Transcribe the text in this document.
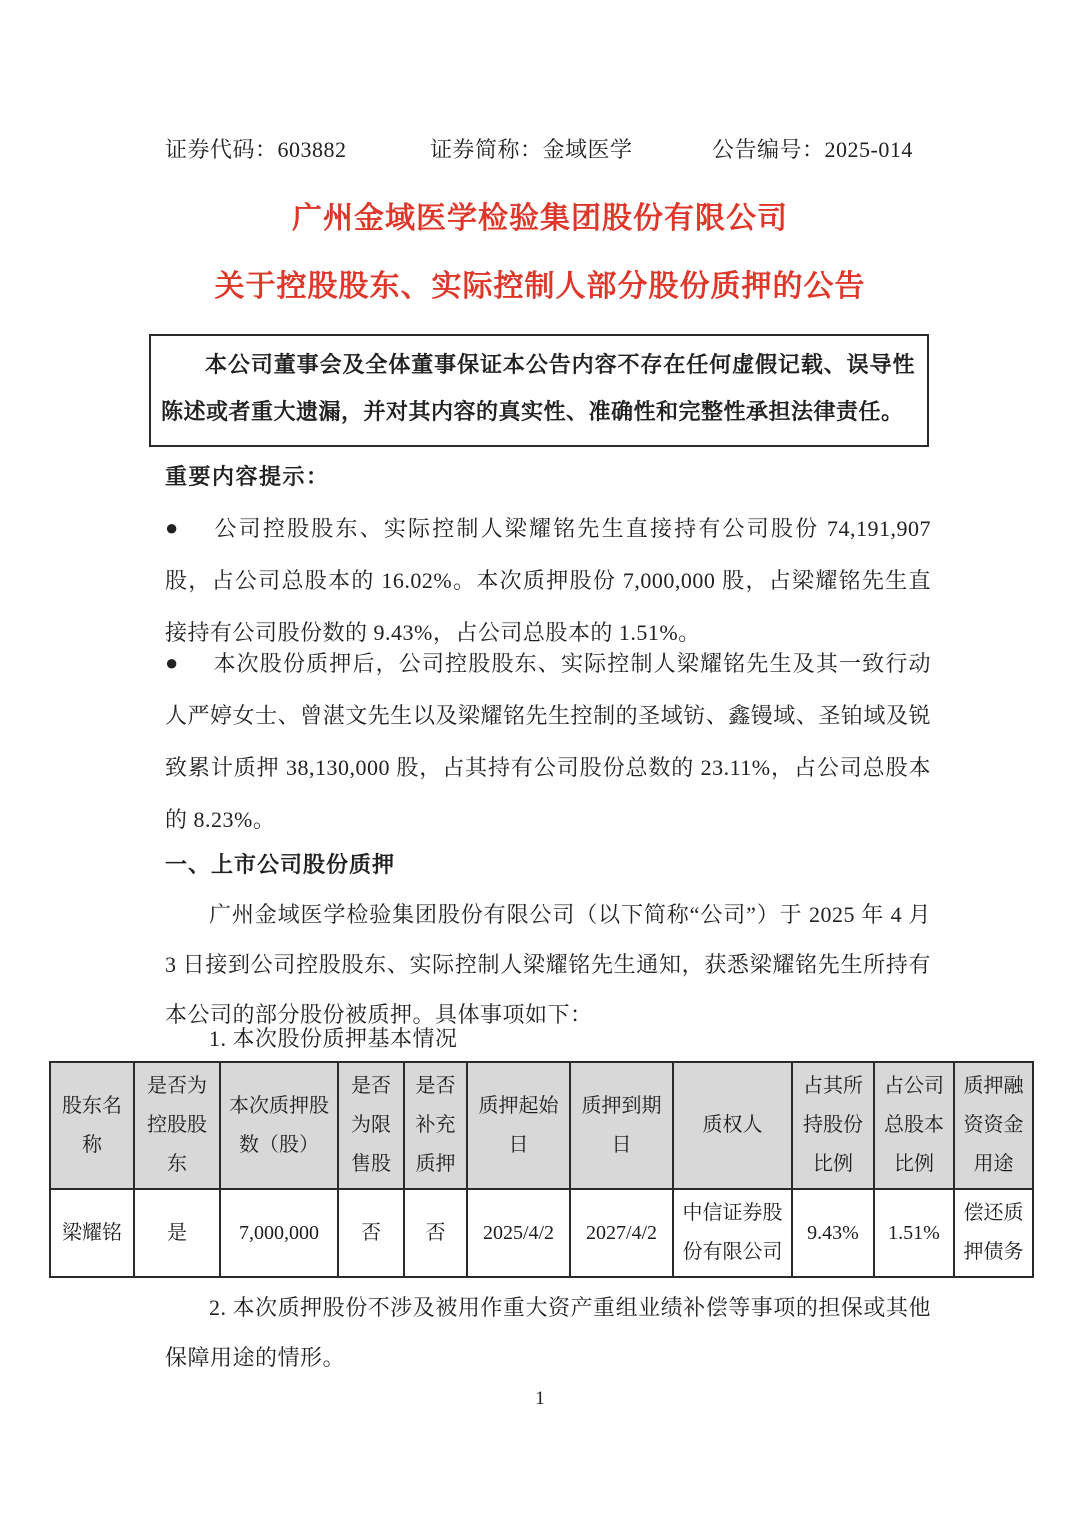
证券代码：603882	证券简称：金域医学	公告编号：2025-014
广州金域医学检验集团股份有限公司
关于控股股东、实际控制人部分股份质押的公告

本公司董事会及全体董事保证本公告内容不存在任何虚假记载、误导性陈述或者重大遗漏，并对其内容的真实性、准确性和完整性承担法律责任。

重要内容提示：

● 公司控股股东、实际控制人梁耀铭先生直接持有公司股份 74,191,907 股，占公司总股本的 16.02%。本次质押股份 7,000,000 股，占梁耀铭先生直接持有公司股份数的 9.43%，占公司总股本的 1.51%。

● 本次股份质押后，公司控股股东、实际控制人梁耀铭先生及其一致行动人严婷女士、曾湛文先生以及梁耀铭先生控制的圣域钫、鑫镘域、圣铂域及锐致累计质押 38,130,000 股，占其持有公司股份总数的 23.11%，占公司总股本的 8.23%。

一、上市公司股份质押

广州金域医学检验集团股份有限公司（以下简称“公司”）于 2025 年 4 月 3 日接到公司控股股东、实际控制人梁耀铭先生通知，获悉梁耀铭先生所持有本公司的部分股份被质押。具体事项如下：

1. 本次股份质押基本情况

股东名称	是否为控股股东	本次质押股数（股）	是否为限售股	是否补充质押	质押起始日	质押到期日	质权人	占其所持股份比例	占公司总股本比例	质押融资资金用途
梁耀铭	是	7,000,000	否	否	2025/4/2	2027/4/2	中信证券股份有限公司	9.43%	1.51%	偿还质押债务

2. 本次质押股份不涉及被用作重大资产重组业绩补偿等事项的担保或其他保障用途的情形。

1
